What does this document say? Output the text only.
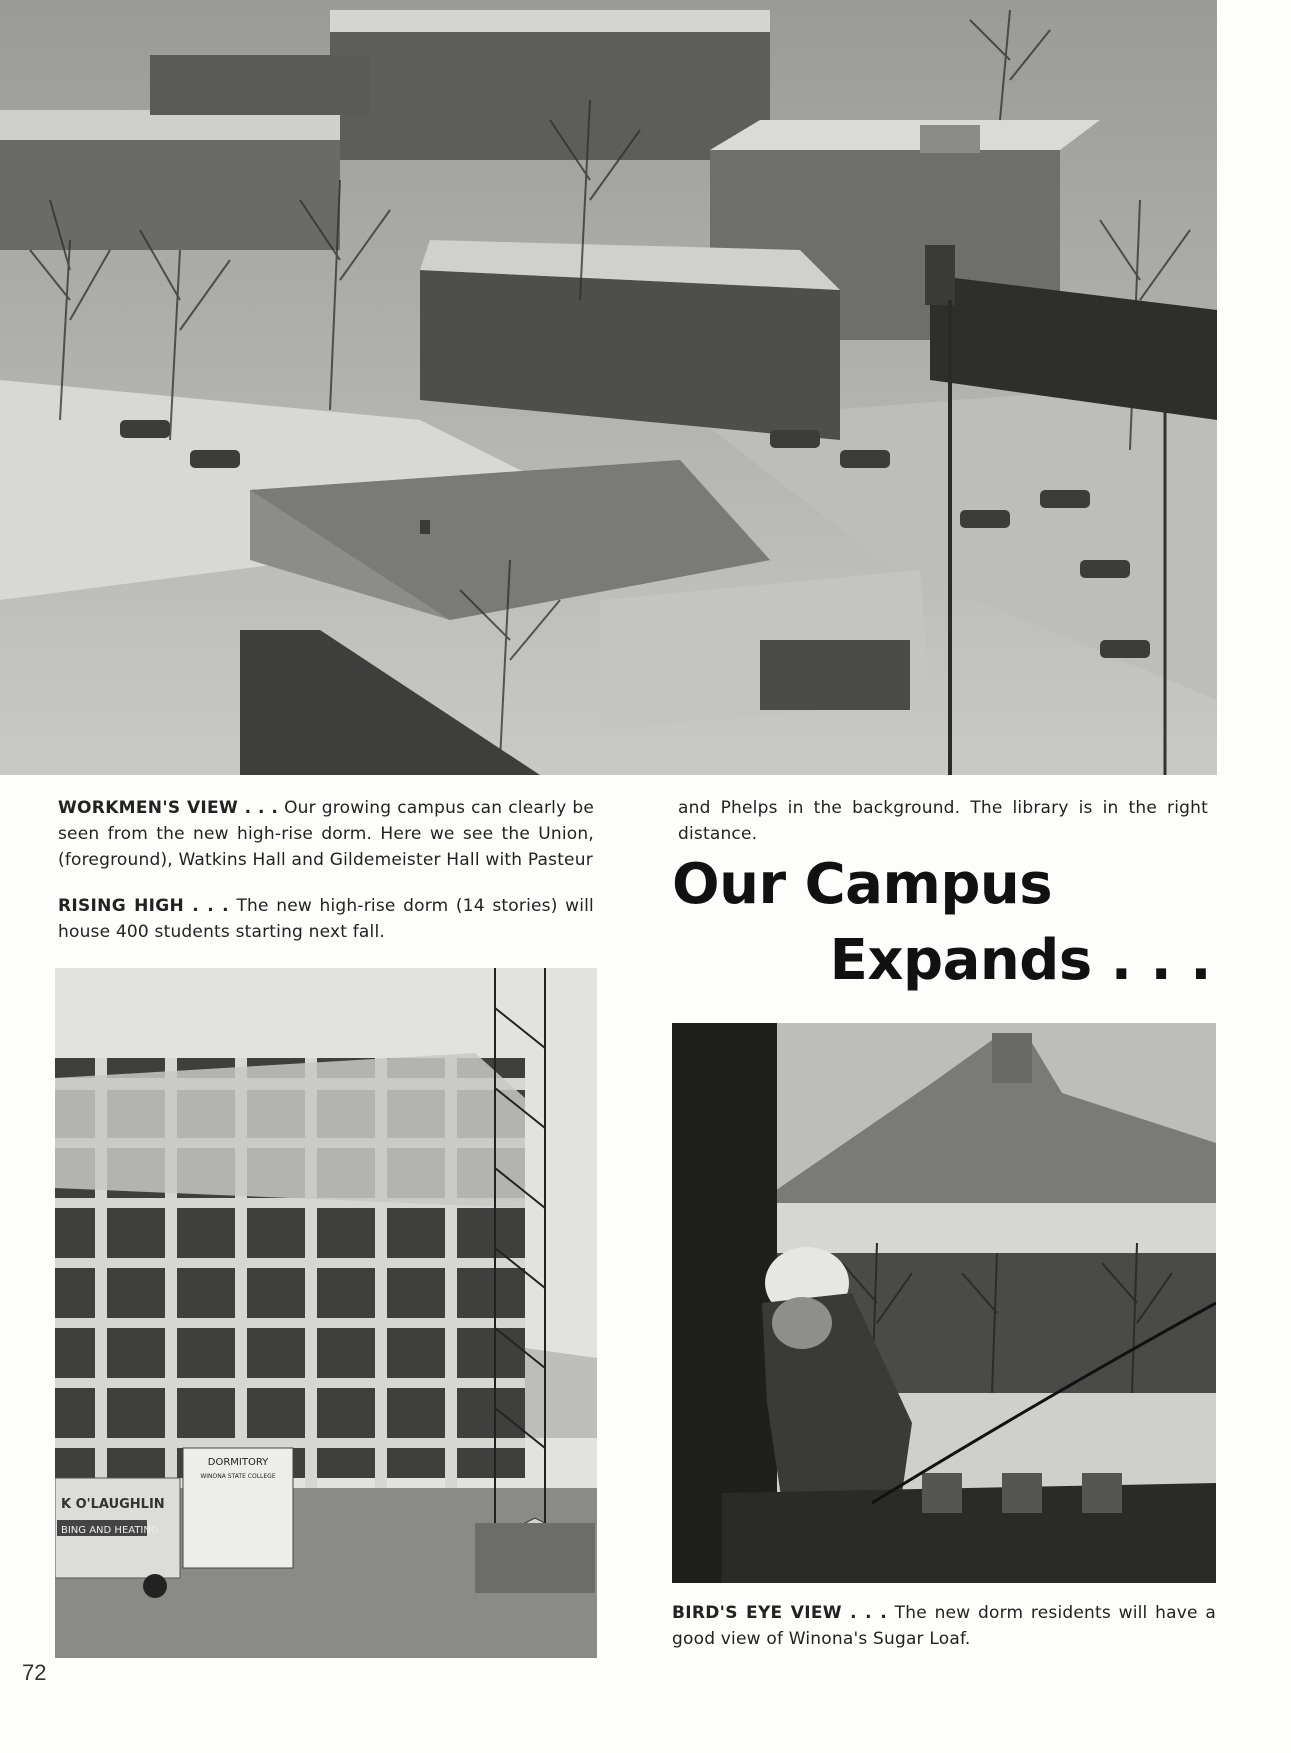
WORKMEN'S VIEW . . . Our growing campus can clearly be seen from the new high-rise dorm. Here we see the Union, (foreground), Watkins Hall and Gildemeister Hall with Pasteur
and Phelps in the background. The library is in the right distance.
RISING HIGH . . . The new high-rise dorm (14 stories) will house 400 students starting next fall.
Our Campus
Expands . . .
DORMITORY
WINONA STATE COLLEGE
K O'LAUGHLIN
BING AND HEATING
BIRD'S EYE VIEW . . . The new dorm residents will have a good view of Winona's Sugar Loaf.
72
